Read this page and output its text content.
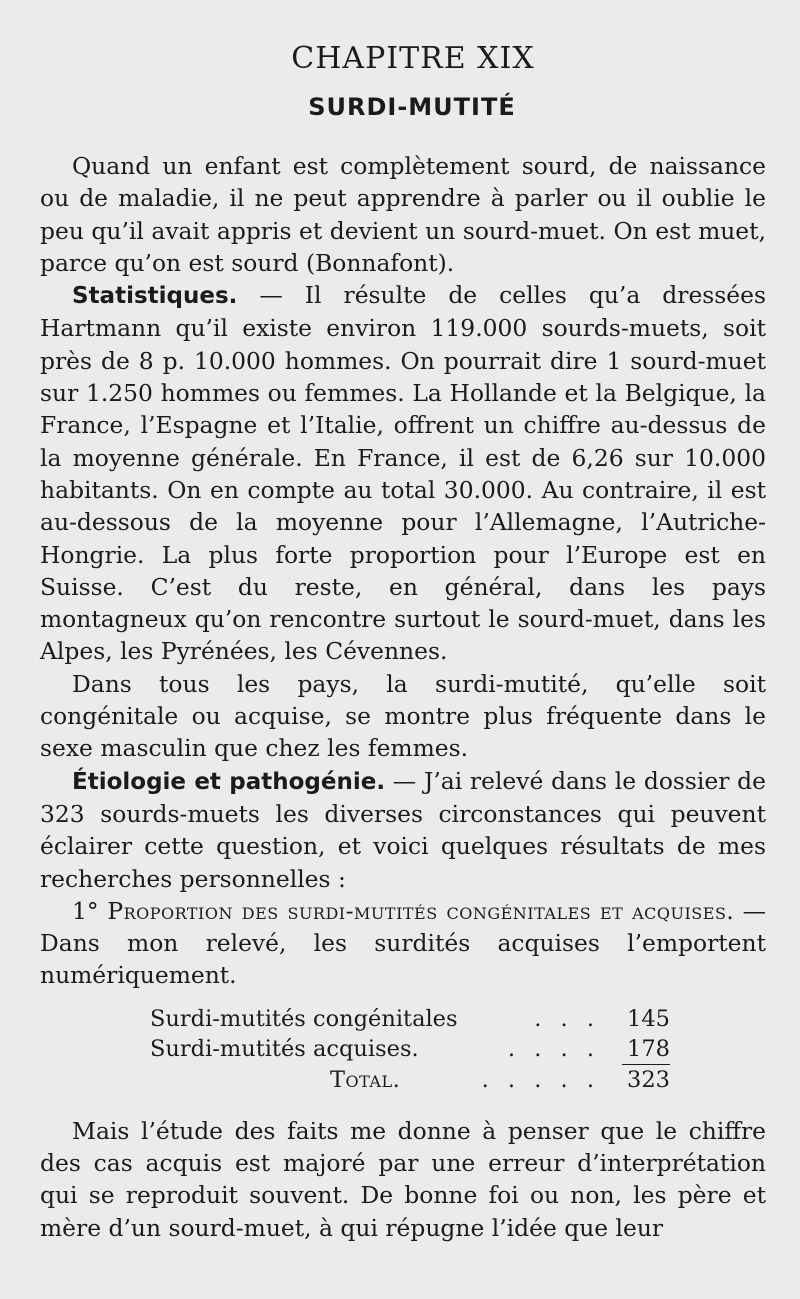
CHAPITRE XIX
SURDI-MUTITÉ

Quand un enfant est complètement sourd, de naissance ou de maladie, il ne peut apprendre à parler ou il oublie le peu qu’il avait appris et devient un sourd-muet. On est muet, parce qu’on est sourd (Bonnafont).

Statistiques. — Il résulte de celles qu’a dressées Hartmann qu’il existe environ 119.000 sourds-muets, soit près de 8 p. 10.000 hommes. On pourrait dire 1 sourd-muet sur 1.250 hommes ou femmes. La Hollande et la Belgique, la France, l’Espagne et l’Italie, offrent un chiffre au-dessus de la moyenne générale. En France, il est de 6,26 sur 10.000 habitants. On en compte au total 30.000. Au contraire, il est au-dessous de la moyenne pour l’Allemagne, l’Autriche-Hongrie. La plus forte proportion pour l’Europe est en Suisse. C’est du reste, en général, dans les pays montagneux qu’on rencontre surtout le sourd-muet, dans les Alpes, les Pyrénées, les Cévennes.

Dans tous les pays, la surdi-mutité, qu’elle soit congénitale ou acquise, se montre plus fréquente dans le sexe masculin que chez les femmes.

Étiologie et pathogénie. — J’ai relevé dans le dossier de 323 sourds-muets les diverses circonstances qui peuvent éclairer cette question, et voici quelques résultats de mes recherches personnelles :

1° Proportion des surdi-mutités congénitales et acquises. — Dans mon relevé, les surdités acquises l’emportent numériquement.

Surdi-mutités congénitales	. . .	145
Surdi-mutités acquises.	. . . .	178
Total.	. . . . .	323

Mais l’étude des faits me donne à penser que le chiffre des cas acquis est majoré par une erreur d’interprétation qui se reproduit souvent. De bonne foi ou non, les père et mère d’un sourd-muet, à qui répugne l’idée que leur
